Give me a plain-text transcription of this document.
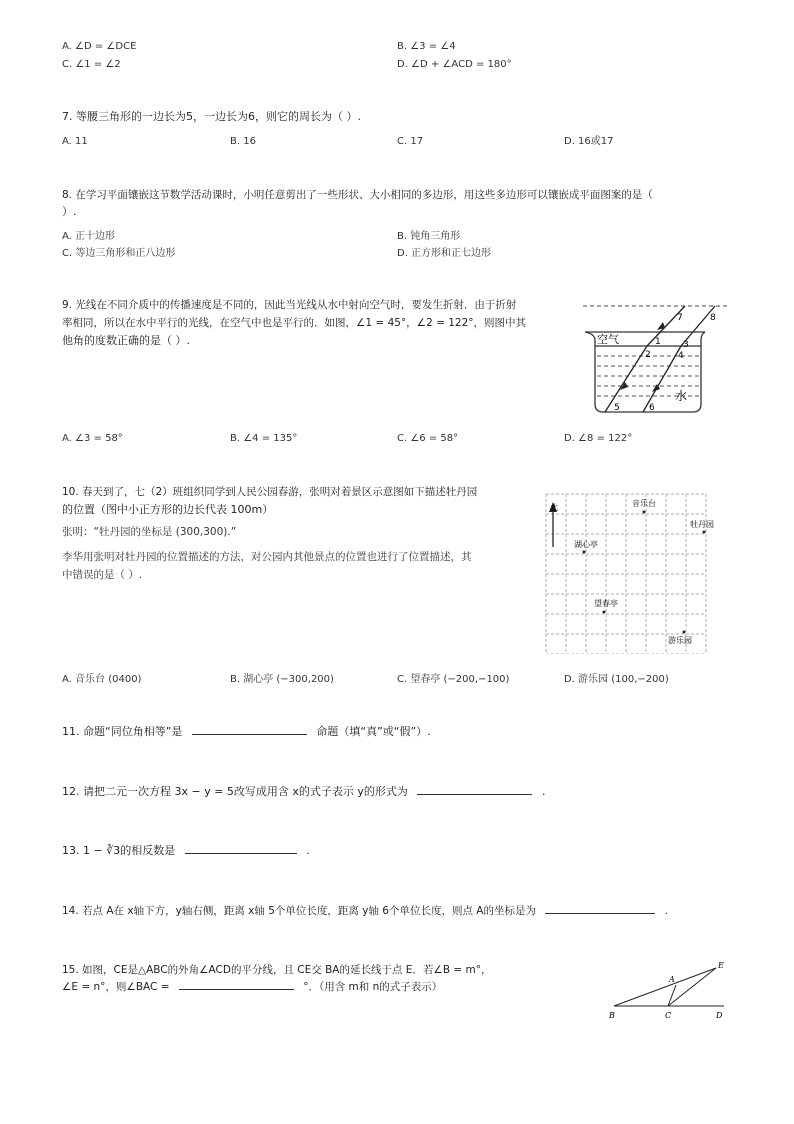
A. ∠D = ∠DCE	B. ∠3 = ∠4
C. ∠1 = ∠2	D. ∠D + ∠ACD = 180°
7. 等腰三角形的一边长为5，一边长为6，则它的周长为（ ）.
A. 11	B. 16	C. 17	D. 16或17
8. 在学习平面镶嵌这节数学活动课时，小明任意剪出了一些形状、大小相同的多边形，用这些多边形可以镶嵌成平面图案的是（
）.
A. 正十边形	B. 钝角三角形
C. 等边三角形和正八边形	D. 正方形和正七边形
9. 光线在不同介质中的传播速度是不同的，因此当光线从水中射向空气时，要发生折射．由于折射
率相同，所以在水中平行的光线，在空气中也是平行的．如图，∠1 = 45°，∠2 = 122°，则图中其
他角的度数正确的是（ ）.	空气
水
1
2
3
4
5	6
7	8
A. ∠3 = 58°	B. ∠4 = 135°	C. ∠6 = 58°	D. ∠8 = 122°
10. 春天到了，七（2）班组织同学到人民公园春游，张明对着景区示意图如下描述牡丹园
的位置（图中小正方形的边长代表 100m）
张明：“牡丹园的坐标是 (300,300).”
李华用张明对牡丹园的位置描述的方法，对公园内其他景点的位置也进行了位置描述，其
中错误的是（ ）.
北	音乐台
牡丹园
湖心亭
望春亭
游乐园
A. 音乐台 (0400)	B. 湖心亭 (−300,200)	C. 望春亭 (−200,−100)	D. 游乐园 (100,−200)
11. 命题“同位角相等”是	命题（填“真”或“假”）.
12. 请把二元一次方程 3x − y = 5改写成用含 x的式子表示 y的形式为	.
13. 1 − ∛3的相反数是	.
14. 若点 A在 x轴下方，y轴右侧，距离 x轴 5个单位长度，距离 y轴 6个单位长度，则点 A的坐标是为	.
15. 如图，CE是△ABC的外角∠ACD的平分线，且 CE交 BA的延长线于点 E．若∠B = m°，
∠E = n°，则∠BAC =	°．（用含 m和 n的式子表示）
B	C	D
A
E
